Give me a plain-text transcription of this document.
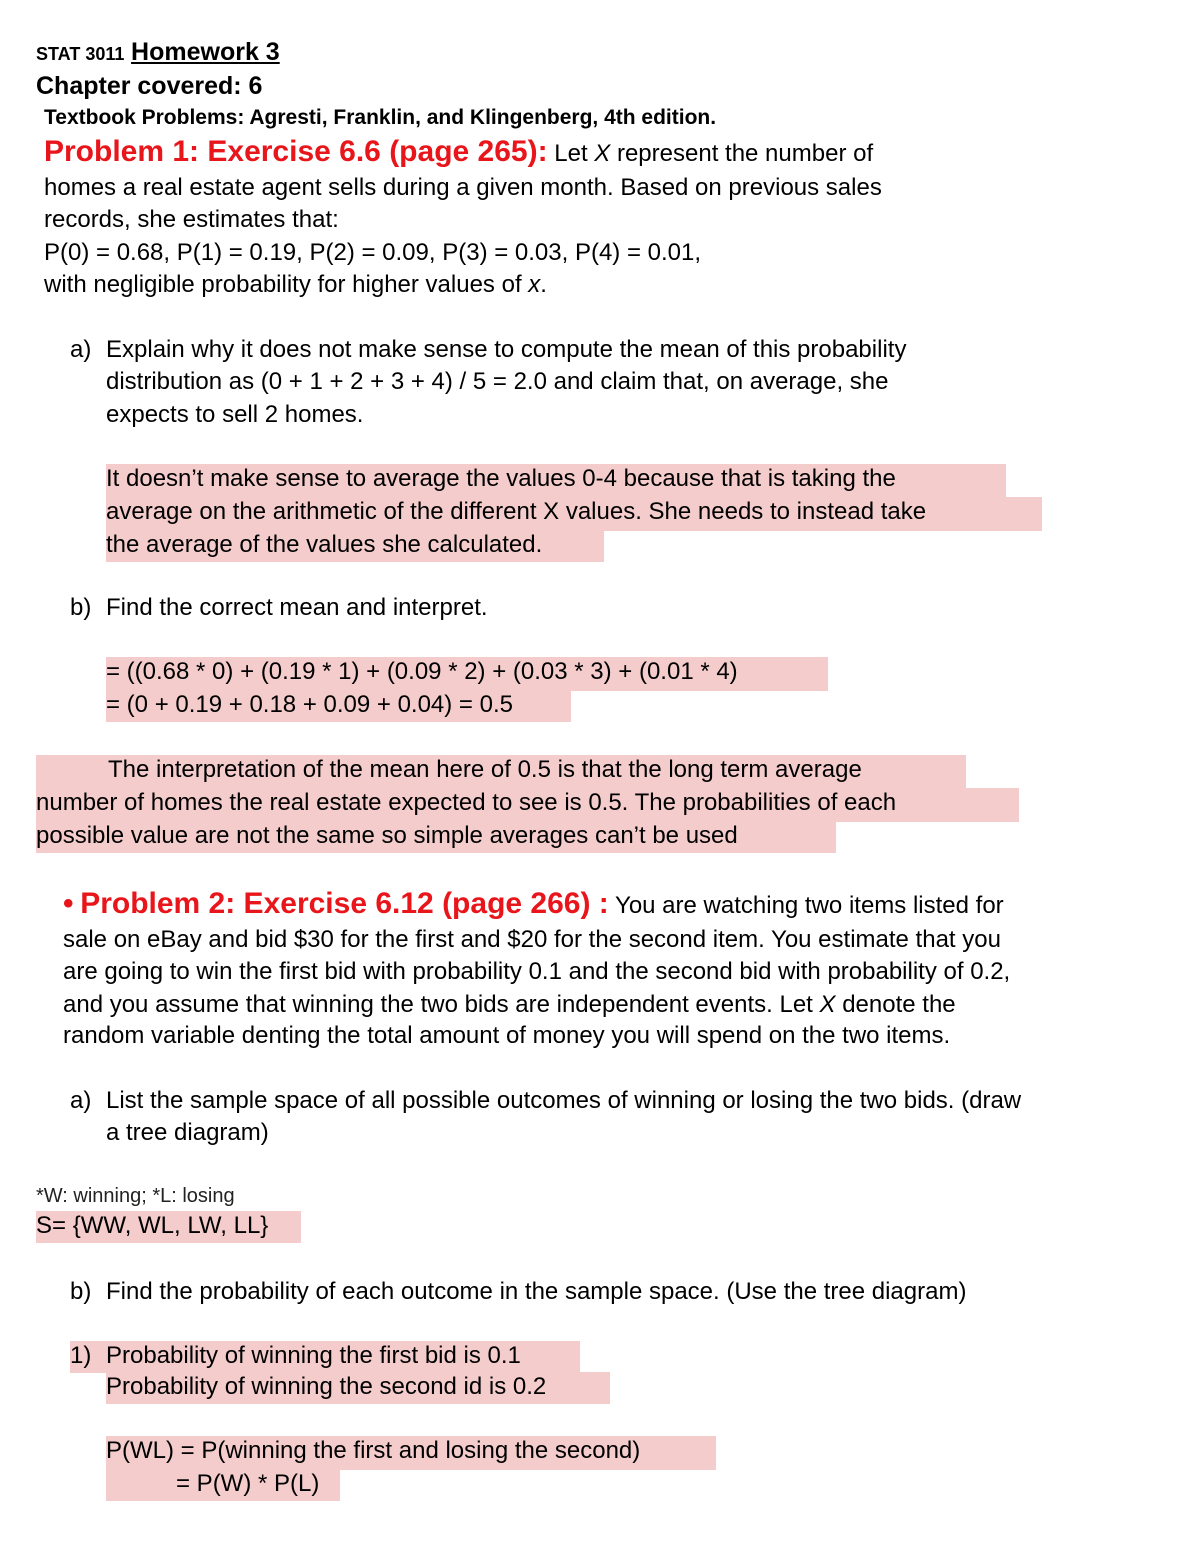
STAT 3011 Homework 3
Chapter covered: 6
Textbook Problems: Agresti, Franklin, and Klingenberg, 4th edition.
Problem 1: Exercise 6.6 (page 265): Let X represent the number of
homes a real estate agent sells during a given month. Based on previous sales
records, she estimates that:
P(0) = 0.68, P(1) = 0.19, P(2) = 0.09, P(3) = 0.03, P(4) = 0.01,
with negligible probability for higher values of x.
a) Explain why it does not make sense to compute the mean of this probability
distribution as (0 + 1 + 2 + 3 + 4) / 5 = 2.0 and claim that, on average, she
expects to sell 2 homes.
It doesn’t make sense to average the values 0-4 because that is taking the
average on the arithmetic of the different X values. She needs to instead take
the average of the values she calculated.
b) Find the correct mean and interpret.
= ((0.68 * 0) + (0.19 * 1) + (0.09 * 2) + (0.03 * 3) + (0.01 * 4)
= (0 + 0.19 + 0.18 + 0.09 + 0.04) = 0.5
The interpretation of the mean here of 0.5 is that the long term average
number of homes the real estate expected to see is 0.5. The probabilities of each
possible value are not the same so simple averages can’t be used
• Problem 2: Exercise 6.12 (page 266) : You are watching two items listed for
sale on eBay and bid $30 for the first and $20 for the second item. You estimate that you
are going to win the first bid with probability 0.1 and the second bid with probability of 0.2,
and you assume that winning the two bids are independent events. Let X denote the
random variable denting the total amount of money you will spend on the two items.
a) List the sample space of all possible outcomes of winning or losing the two bids. (draw
a tree diagram)
*W: winning; *L: losing
S= {WW, WL, LW, LL}
b) Find the probability of each outcome in the sample space. (Use the tree diagram)
1) Probability of winning the first bid is 0.1
Probability of winning the second id is 0.2
P(WL) = P(winning the first and losing the second)
= P(W) * P(L)
